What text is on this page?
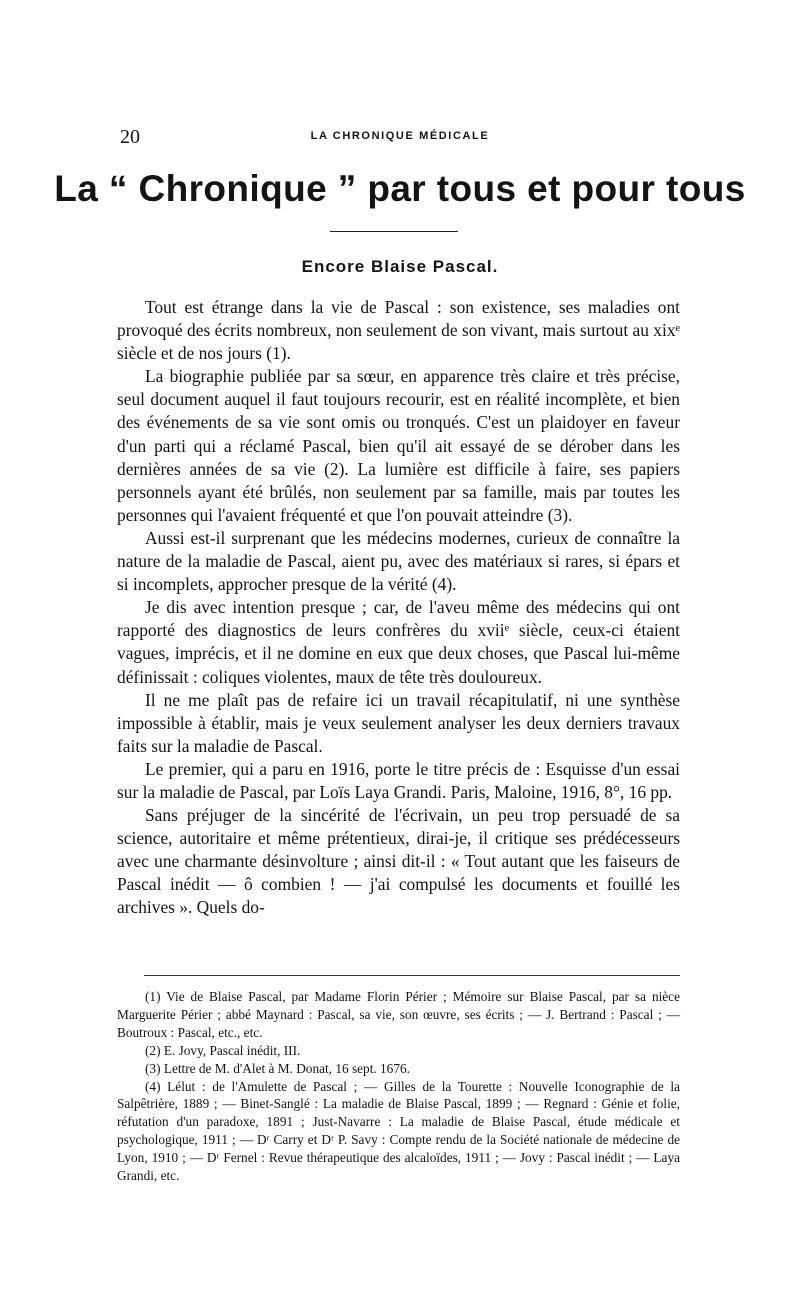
20	LA CHRONIQUE MÉDICALE
La “ Chronique ” par tous et pour tous
Encore Blaise Pascal.

Tout est étrange dans la vie de Pascal : son existence, ses maladies ont provoqué des écrits nombreux, non seulement de son vivant, mais surtout au xixᵉ siècle et de nos jours (1).

La biographie publiée par sa sœur, en apparence très claire et très précise, seul document auquel il faut toujours recourir, est en réalité incomplète, et bien des événements de sa vie sont omis ou tronqués. C'est un plaidoyer en faveur d'un parti qui a réclamé Pascal, bien qu'il ait essayé de se dérober dans les dernières années de sa vie (2). La lumière est difficile à faire, ses papiers personnels ayant été brûlés, non seulement par sa famille, mais par toutes les personnes qui l'avaient fréquenté et que l'on pouvait atteindre (3).

Aussi est-il surprenant que les médecins modernes, curieux de connaître la nature de la maladie de Pascal, aient pu, avec des matériaux si rares, si épars et si incomplets, approcher presque de la vérité (4).

Je dis avec intention presque ; car, de l'aveu même des médecins qui ont rapporté des diagnostics de leurs confrères du xviiᵉ siècle, ceux-ci étaient vagues, imprécis, et il ne domine en eux que deux choses, que Pascal lui-même définissait : coliques violentes, maux de tête très douloureux.

Il ne me plaît pas de refaire ici un travail récapitulatif, ni une synthèse impossible à établir, mais je veux seulement analyser les deux derniers travaux faits sur la maladie de Pascal.

Le premier, qui a paru en 1916, porte le titre précis de : Esquisse d'un essai sur la maladie de Pascal, par Loïs Laya Grandi. Paris, Maloine, 1916, 8°, 16 pp.

Sans préjuger de la sincérité de l'écrivain, un peu trop persuadé de sa science, autoritaire et même prétentieux, dirai-je, il critique ses prédécesseurs avec une charmante désinvolture ; ainsi dit-il : « Tout autant que les faiseurs de Pascal inédit — ô combien ! — j'ai compulsé les documents et fouillé les archives ». Quels do-

(1) Vie de Blaise Pascal, par Madame Florin Périer ; Mémoire sur Blaise Pascal, par sa nièce Marguerite Périer ; abbé Maynard : Pascal, sa vie, son œuvre, ses écrits ; — J. Bertrand : Pascal ; — Boutroux : Pascal, etc., etc.

(2) E. Jovy, Pascal inédit, III.

(3) Lettre de M. d'Alet à M. Donat, 16 sept. 1676.

(4) Lélut : de l'Amulette de Pascal ; — Gilles de la Tourette : Nouvelle Iconographie de la Salpêtrière, 1889 ; — Binet-Sanglé : La maladie de Blaise Pascal, 1899 ; — Regnard : Génie et folie, réfutation d'un paradoxe, 1891 ; Just-Navarre : La maladie de Blaise Pascal, étude médicale et psychologique, 1911 ; — Dʳ Carry et Dʳ P. Savy : Compte rendu de la Société nationale de médecine de Lyon, 1910 ; — Dʳ Fernel : Revue thérapeutique des alcaloïdes, 1911 ; — Jovy : Pascal inédit ; — Laya Grandi, etc.
